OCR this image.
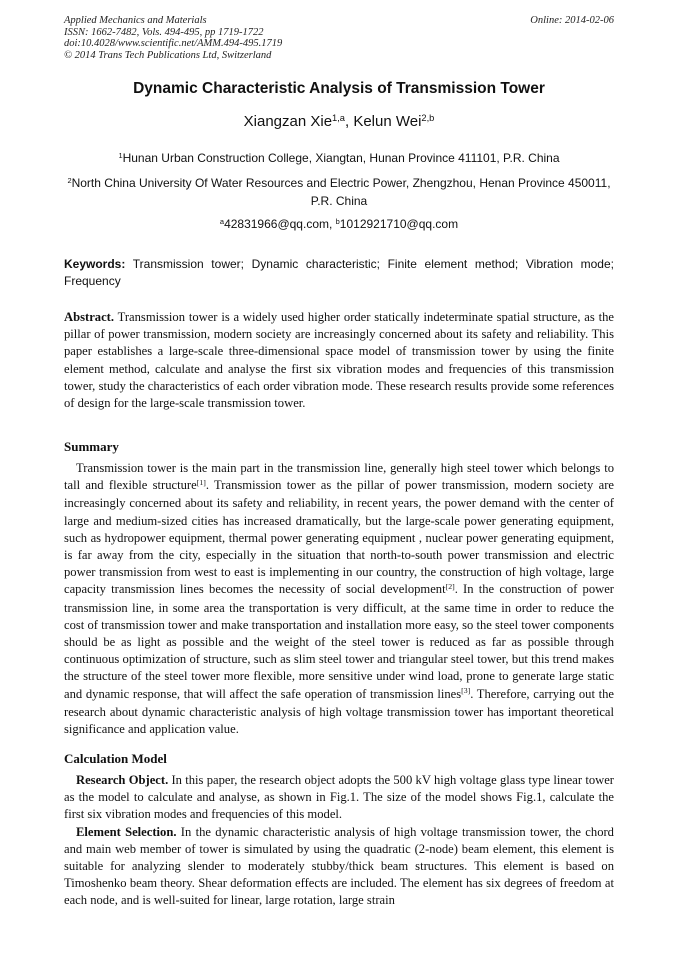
Applied Mechanics and Materials
ISSN: 1662-7482, Vols. 494-495, pp 1719-1722
doi:10.4028/www.scientific.net/AMM.494-495.1719
© 2014 Trans Tech Publications Ltd, Switzerland
Online: 2014-02-06
Dynamic Characteristic Analysis of Transmission Tower
Xiangzan Xie$^{1,a}$, Kelun Wei$^{2,b}$
$^1$Hunan Urban Construction College, Xiangtan, Hunan Province 411101, P.R. China
$^2$North China University Of Water Resources and Electric Power, Zhengzhou, Henan Province 450011, P.R. China
$^a$42831966@qq.com, $^b$1012921710@qq.com
Keywords: Transmission tower; Dynamic characteristic; Finite element method; Vibration mode; Frequency

Abstract. Transmission tower is a widely used higher order statically indeterminate spatial structure, as the pillar of power transmission, modern society are increasingly concerned about its safety and reliability. This paper establishes a large-scale three-dimensional space model of transmission tower by using the finite element method, calculate and analyse the first six vibration modes and frequencies of this transmission tower, study the characteristics of each order vibration mode. These research results provide some references of design for the large-scale transmission tower.

Summary

Transmission tower is the main part in the transmission line, generally high steel tower which belongs to tall and flexible structure[1]. Transmission tower as the pillar of power transmission, modern society are increasingly concerned about its safety and reliability, in recent years, the power demand with the center of large and medium-sized cities has increased dramatically, but the large-scale power generating equipment, such as hydropower equipment, thermal power generating equipment , nuclear power generating equipment, is far away from the city, especially in the situation that north-to-south power transmission and electric power transmission from west to east is implementing in our country, the construction of high voltage, large capacity transmission lines becomes the necessity of social development[2]. In the construction of power transmission line, in some area the transportation is very difficult, at the same time in order to reduce the cost of transmission tower and make transportation and installation more easy, so the steel tower components should be as light as possible and the weight of the steel tower is reduced as far as possible through continuous optimization of structure, such as slim steel tower and triangular steel tower, but this trend makes the structure of the steel tower more flexible, more sensitive under wind load, prone to generate large static and dynamic response, that will affect the safe operation of transmission lines[3]. Therefore, carrying out the research about dynamic characteristic analysis of high voltage transmission tower has important theoretical significance and application value.

Calculation Model

Research Object. In this paper, the research object adopts the 500 kV high voltage glass type linear tower as the model to calculate and analyse, as shown in Fig.1. The size of the model shows Fig.1, calculate the first six vibration modes and frequencies of this model.

Element Selection. In the dynamic characteristic analysis of high voltage transmission tower, the chord and main web member of tower is simulated by using the quadratic (2-node) beam element, this element is suitable for analyzing slender to moderately stubby/thick beam structures. This element is based on Timoshenko beam theory. Shear deformation effects are included. The element has six degrees of freedom at each node, and is well-suited for linear, large rotation, large strain
